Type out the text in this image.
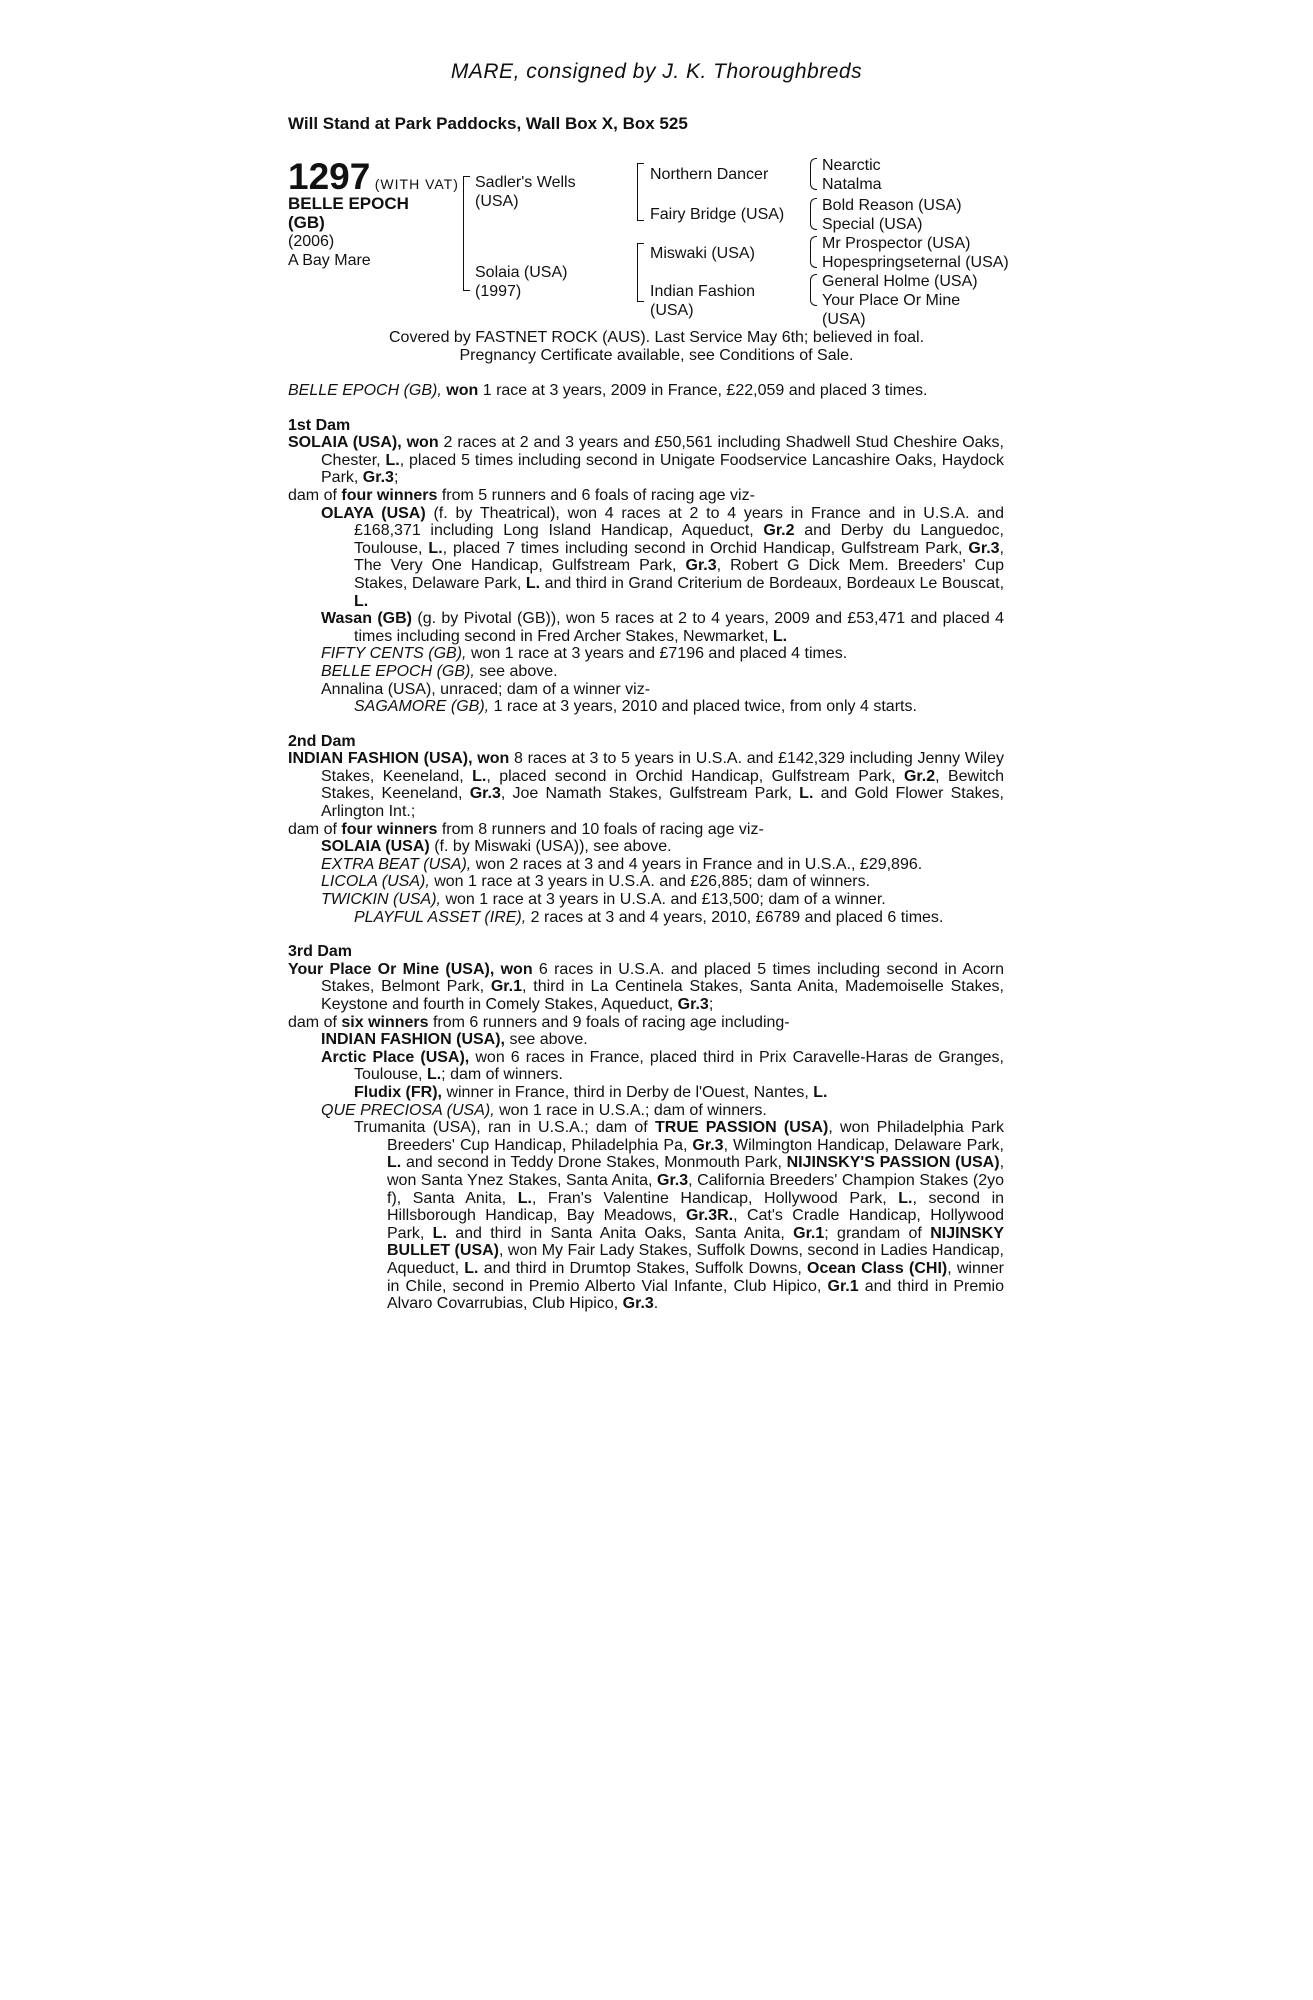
MARE, consigned by J. K. Thoroughbreds
Will Stand at Park Paddocks, Wall Box X, Box 525
1297 (WITH VAT)
BELLE EPOCH
(GB)
(2006)
A Bay Mare
Sadler's Wells
(USA)
Solaia (USA)
(1997)
Northern Dancer
Fairy Bridge (USA)
Miswaki (USA)
Indian Fashion
(USA)
Nearctic
Natalma
Bold Reason (USA)
Special (USA)
Mr Prospector (USA)
Hopespringseternal (USA)
General Holme (USA)
Your Place Or Mine
(USA)
Covered by FASTNET ROCK (AUS). Last Service May 6th; believed in foal.
Pregnancy Certificate available, see Conditions of Sale.

BELLE EPOCH (GB), won 1 race at 3 years, 2009 in France, £22,059 and placed 3 times.

1st Dam

SOLAIA (USA), won 2 races at 2 and 3 years and £50,561 including Shadwell Stud Cheshire Oaks, Chester, L., placed 5 times including second in Unigate Foodservice Lancashire Oaks, Haydock Park, Gr.3;

dam of four winners from 5 runners and 6 foals of racing age viz-

OLAYA (USA) (f. by Theatrical), won 4 races at 2 to 4 years in France and in U.S.A. and £168,371 including Long Island Handicap, Aqueduct, Gr.2 and Derby du Languedoc, Toulouse, L., placed 7 times including second in Orchid Handicap, Gulfstream Park, Gr.3, The Very One Handicap, Gulfstream Park, Gr.3, Robert G Dick Mem. Breeders' Cup Stakes, Delaware Park, L. and third in Grand Criterium de Bordeaux, Bordeaux Le Bouscat, L.

Wasan (GB) (g. by Pivotal (GB)), won 5 races at 2 to 4 years, 2009 and £53,471 and placed 4 times including second in Fred Archer Stakes, Newmarket, L.

FIFTY CENTS (GB), won 1 race at 3 years and £7196 and placed 4 times.

BELLE EPOCH (GB), see above.

Annalina (USA), unraced; dam of a winner viz-

SAGAMORE (GB), 1 race at 3 years, 2010 and placed twice, from only 4 starts.

2nd Dam

INDIAN FASHION (USA), won 8 races at 3 to 5 years in U.S.A. and £142,329 including Jenny Wiley Stakes, Keeneland, L., placed second in Orchid Handicap, Gulfstream Park, Gr.2, Bewitch Stakes, Keeneland, Gr.3, Joe Namath Stakes, Gulfstream Park, L. and Gold Flower Stakes, Arlington Int.;

dam of four winners from 8 runners and 10 foals of racing age viz-

SOLAIA (USA) (f. by Miswaki (USA)), see above.

EXTRA BEAT (USA), won 2 races at 3 and 4 years in France and in U.S.A., £29,896.

LICOLA (USA), won 1 race at 3 years in U.S.A. and £26,885; dam of winners.

TWICKIN (USA), won 1 race at 3 years in U.S.A. and £13,500; dam of a winner.

PLAYFUL ASSET (IRE), 2 races at 3 and 4 years, 2010, £6789 and placed 6 times.

3rd Dam

Your Place Or Mine (USA), won 6 races in U.S.A. and placed 5 times including second in Acorn Stakes, Belmont Park, Gr.1, third in La Centinela Stakes, Santa Anita, Mademoiselle Stakes, Keystone and fourth in Comely Stakes, Aqueduct, Gr.3;

dam of six winners from 6 runners and 9 foals of racing age including-

INDIAN FASHION (USA), see above.

Arctic Place (USA), won 6 races in France, placed third in Prix Caravelle-Haras de Granges, Toulouse, L.; dam of winners.

Fludix (FR), winner in France, third in Derby de l'Ouest, Nantes, L.

QUE PRECIOSA (USA), won 1 race in U.S.A.; dam of winners.

Trumanita (USA), ran in U.S.A.; dam of TRUE PASSION (USA), won Philadelphia Park Breeders' Cup Handicap, Philadelphia Pa, Gr.3, Wilmington Handicap, Delaware Park, L. and second in Teddy Drone Stakes, Monmouth Park, NIJINSKY'S PASSION (USA), won Santa Ynez Stakes, Santa Anita, Gr.3, California Breeders' Champion Stakes (2yo f), Santa Anita, L., Fran's Valentine Handicap, Hollywood Park, L., second in Hillsborough Handicap, Bay Meadows, Gr.3R., Cat's Cradle Handicap, Hollywood Park, L. and third in Santa Anita Oaks, Santa Anita, Gr.1; grandam of NIJINSKY BULLET (USA), won My Fair Lady Stakes, Suffolk Downs, second in Ladies Handicap, Aqueduct, L. and third in Drumtop Stakes, Suffolk Downs, Ocean Class (CHI), winner in Chile, second in Premio Alberto Vial Infante, Club Hipico, Gr.1 and third in Premio Alvaro Covarrubias, Club Hipico, Gr.3.
